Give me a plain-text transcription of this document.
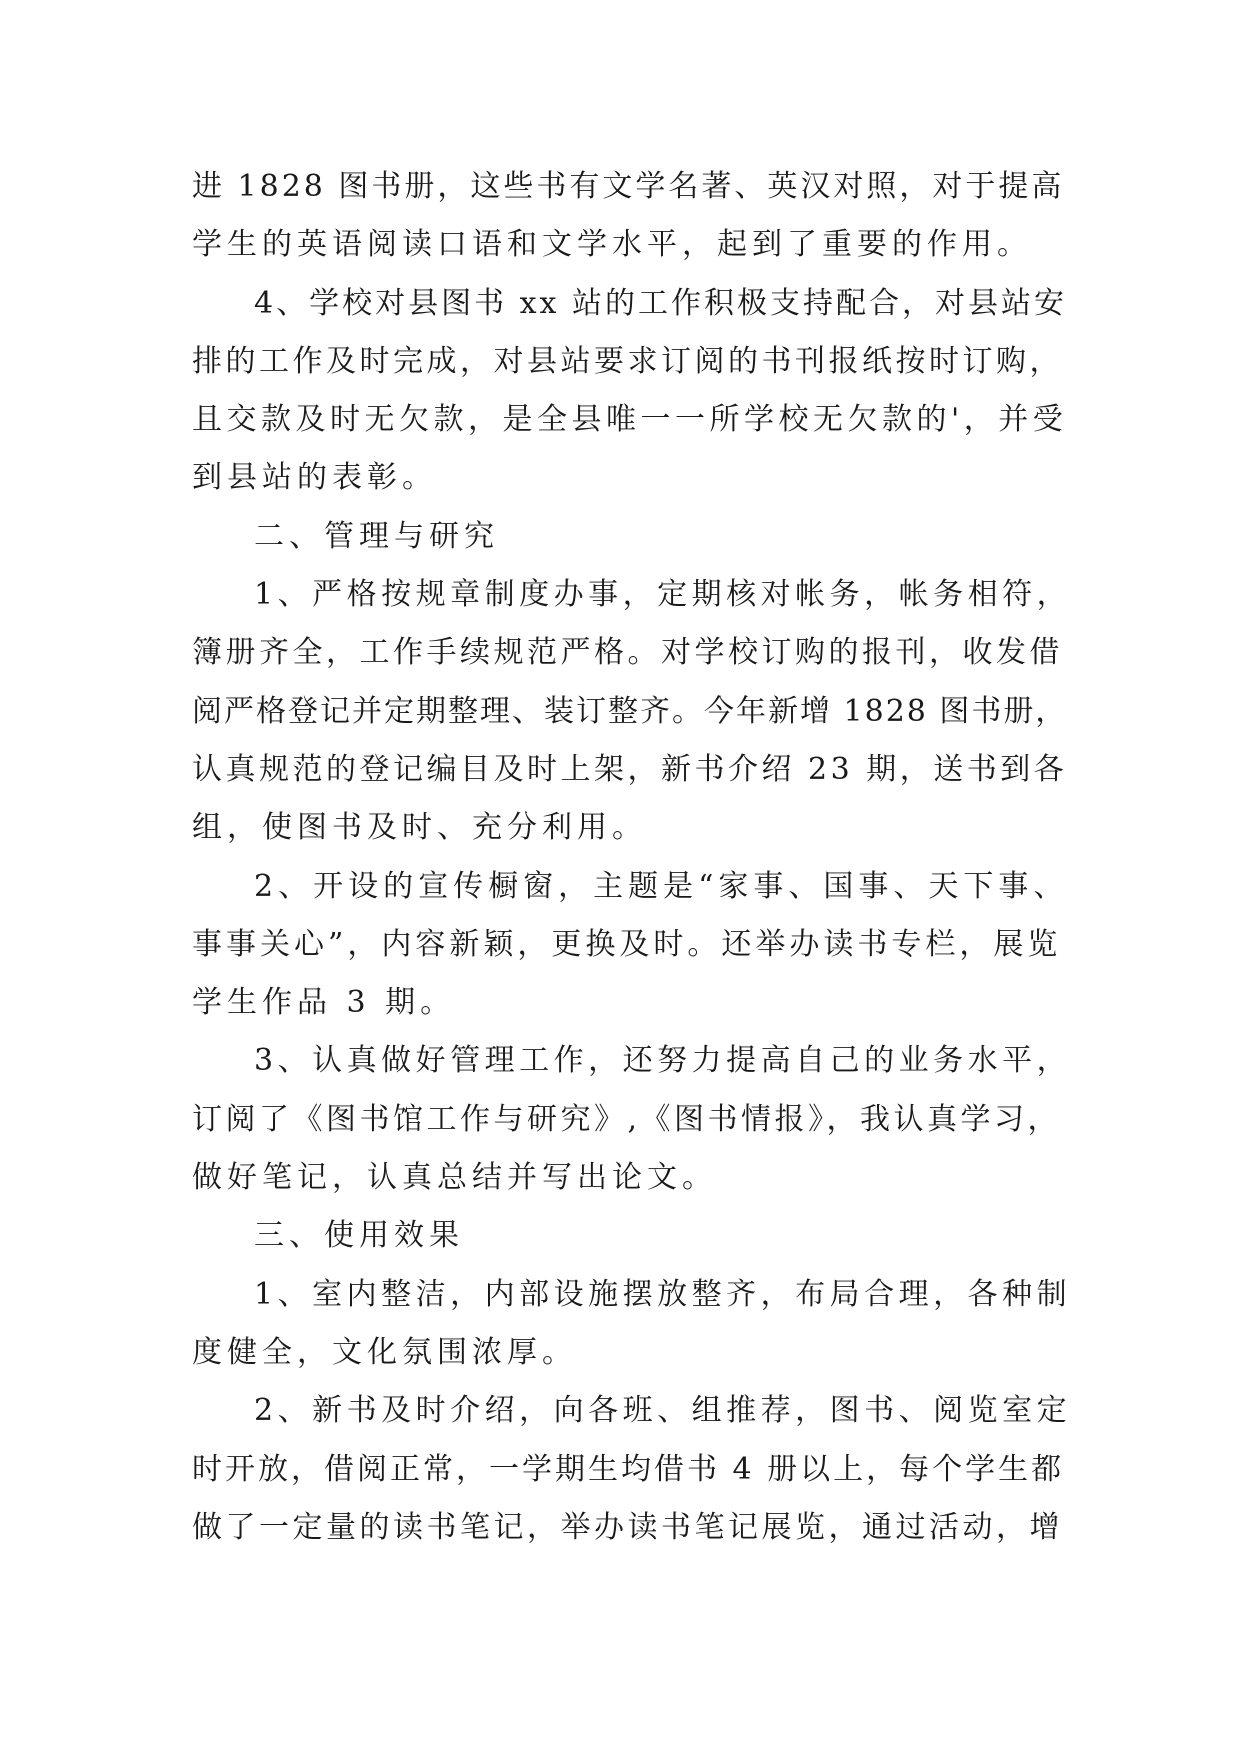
进 1828 图书册，这些书有文学名著、英汉对照，对于提高
学生的英语阅读口语和文学水平，起到了重要的作用。
4、学校对县图书 xx 站的工作积极支持配合，对县站安
排的工作及时完成，对县站要求订阅的书刊报纸按时订购，
且交款及时无欠款，是全县唯一一所学校无欠款的'，并受
到县站的表彰。
二、管理与研究
1、严格按规章制度办事，定期核对帐务，帐务相符，
簿册齐全，工作手续规范严格。对学校订购的报刊，收发借
阅严格登记并定期整理、装订整齐。今年新增 1828 图书册，
认真规范的登记编目及时上架，新书介绍 23 期，送书到各
组，使图书及时、充分利用。
2、开设的宣传橱窗，主题是“家事、国事、天下事、
事事关心”，内容新颖，更换及时。还举办读书专栏，展览
学生作品 3 期。
3、认真做好管理工作，还努力提高自己的业务水平，
订阅了《图书馆工作与研究》,《图书情报》，我认真学习，
做好笔记，认真总结并写出论文。
三、使用效果
1、室内整洁，内部设施摆放整齐，布局合理，各种制
度健全，文化氛围浓厚。
2、新书及时介绍，向各班、组推荐，图书、阅览室定
时开放，借阅正常，一学期生均借书 4 册以上，每个学生都
做了一定量的读书笔记，举办读书笔记展览，通过活动，增
